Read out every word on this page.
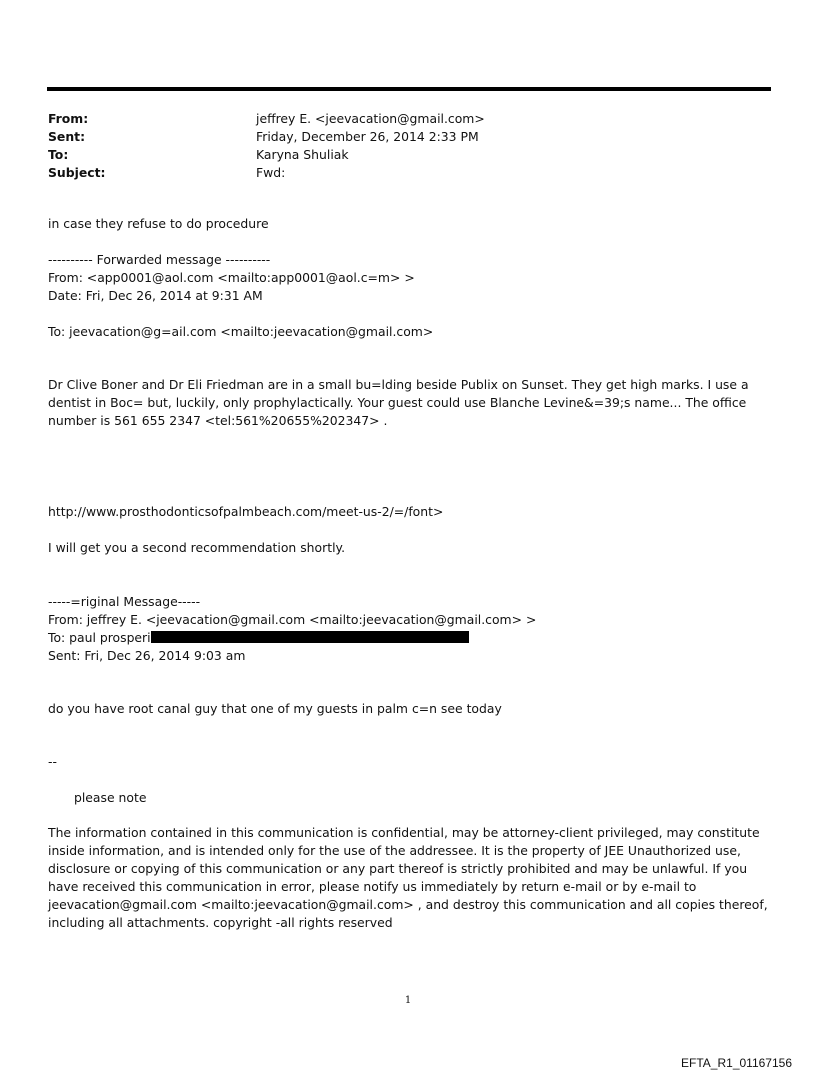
From:	jeffrey E. <jeevacation@gmail.com>
Sent:	Friday, December 26, 2014 2:33 PM
To:	Karyna Shuliak
Subject:	Fwd:
in case they refuse to do procedure
---------- Forwarded message ----------
From: <app0001@aol.com <mailto:app0001@aol.c=m> >
Date: Fri, Dec 26, 2014 at 9:31 AM
To: jeevacation@g=ail.com <mailto:jeevacation@gmail.com>
Dr Clive Boner and Dr Eli Friedman are in a small bu=lding beside Publix on Sunset. They get high marks. I use a dentist in Boc= but, luckily, only prophylactically. Your guest could use Blanche Levine&=39;s name... The office number is 561 655 2347 <tel:561%20655%202347> .
http://www.prosthodonticsofpalmbeach.com/meet-us-2/=/font>
I will get you a second recommendation shortly.
-----=riginal Message-----
From: jeffrey E. <jeevacation@gmail.com <mailto:jeevacation@gmail.com> >
To: paul prosperi
Sent: Fri, Dec 26, 2014 9:03 am
do you have root canal guy that one of my guests in palm c=n see today
--
please note
The information contained in this communication is confidential, may be attorney-client privileged, may constitute inside information, and is intended only for the use of the addressee. It is the property of JEE Unauthorized use, disclosure or copying of this communication or any part thereof is strictly prohibited and may be unlawful. If you have received this communication in error, please notify us immediately by return e-mail or by e-mail to jeevacation@gmail.com <mailto:jeevacation@gmail.com> , and destroy this communication and all copies thereof, including all attachments. copyright -all rights reserved
1
EFTA_R1_01167156
